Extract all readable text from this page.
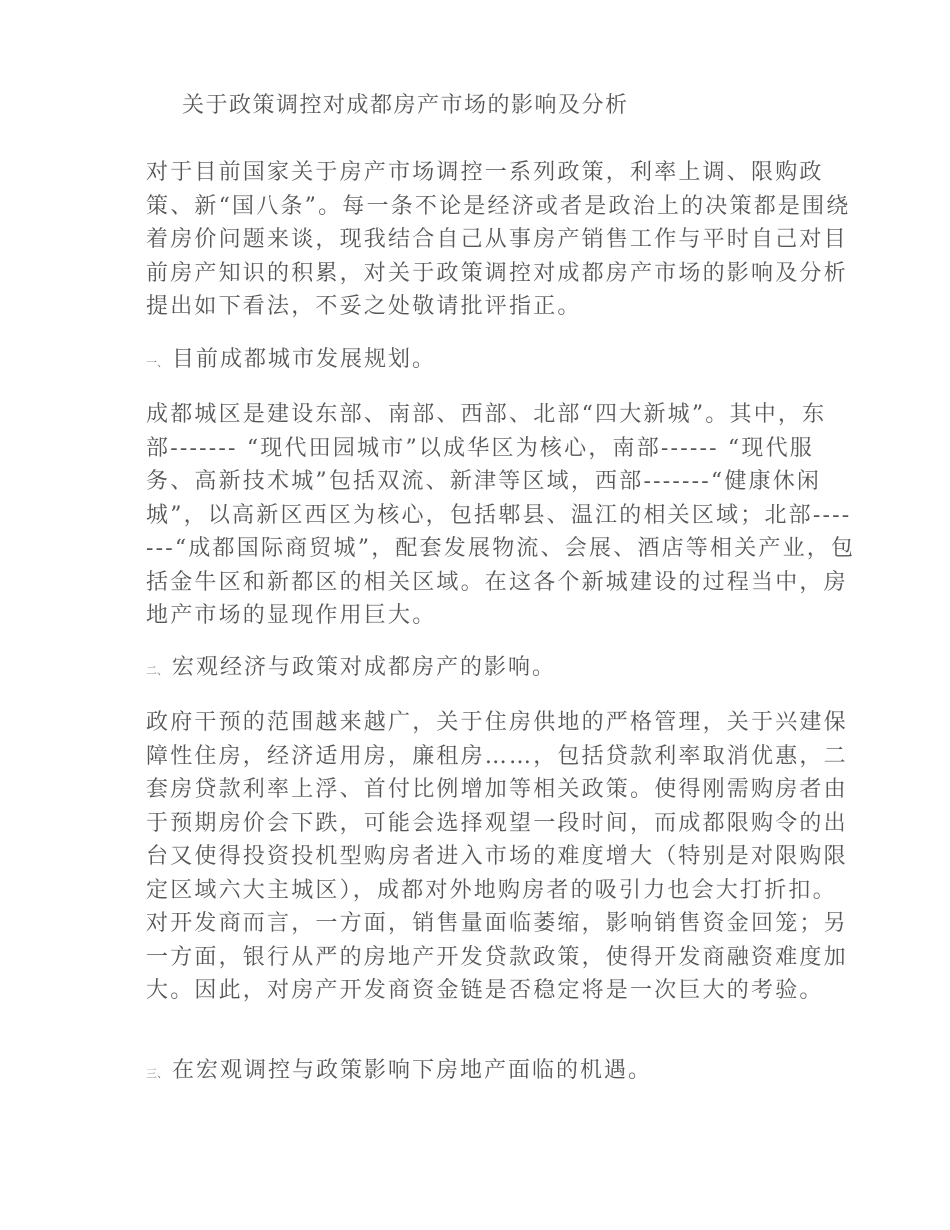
关于政策调控对成都房产市场的影响及分析
对于目前国家关于房产市场调控一系列政策，利率上调、限购政策、新“国八条”。每一条不论是经济或者是政治上的决策都是围绕着房价问题来谈，现我结合自己从事房产销售工作与平时自己对目前房产知识的积累，对关于政策调控对成都房产市场的影响及分析提出如下看法，不妥之处敬请批评指正。
一、 目前成都城市发展规划。
成都城区是建设东部、南部、西部、北部“四大新城”。其中，东部------- “现代田园城市”以成华区为核心，南部------ “现代服务、高新技术城”包括双流、新津等区域，西部-------“健康休闲城”，以高新区西区为核心，包括郫县、温江的相关区域；北部-------“成都国际商贸城”，配套发展物流、会展、酒店等相关产业，包括金牛区和新都区的相关区域。在这各个新城建设的过程当中，房地产市场的显现作用巨大。
二、 宏观经济与政策对成都房产的影响。
政府干预的范围越来越广，关于住房供地的严格管理，关于兴建保障性住房，经济适用房，廉租房……，包括贷款利率取消优惠，二套房贷款利率上浮、首付比例增加等相关政策。使得刚需购房者由于预期房价会下跌，可能会选择观望一段时间，而成都限购令的出台又使得投资投机型购房者进入市场的难度增大（特别是对限购限定区域六大主城区），成都对外地购房者的吸引力也会大打折扣。对开发商而言，一方面，销售量面临萎缩，影响销售资金回笼；另一方面，银行从严的房地产开发贷款政策，使得开发商融资难度加大。因此，对房产开发商资金链是否稳定将是一次巨大的考验。
三、 在宏观调控与政策影响下房地产面临的机遇。
